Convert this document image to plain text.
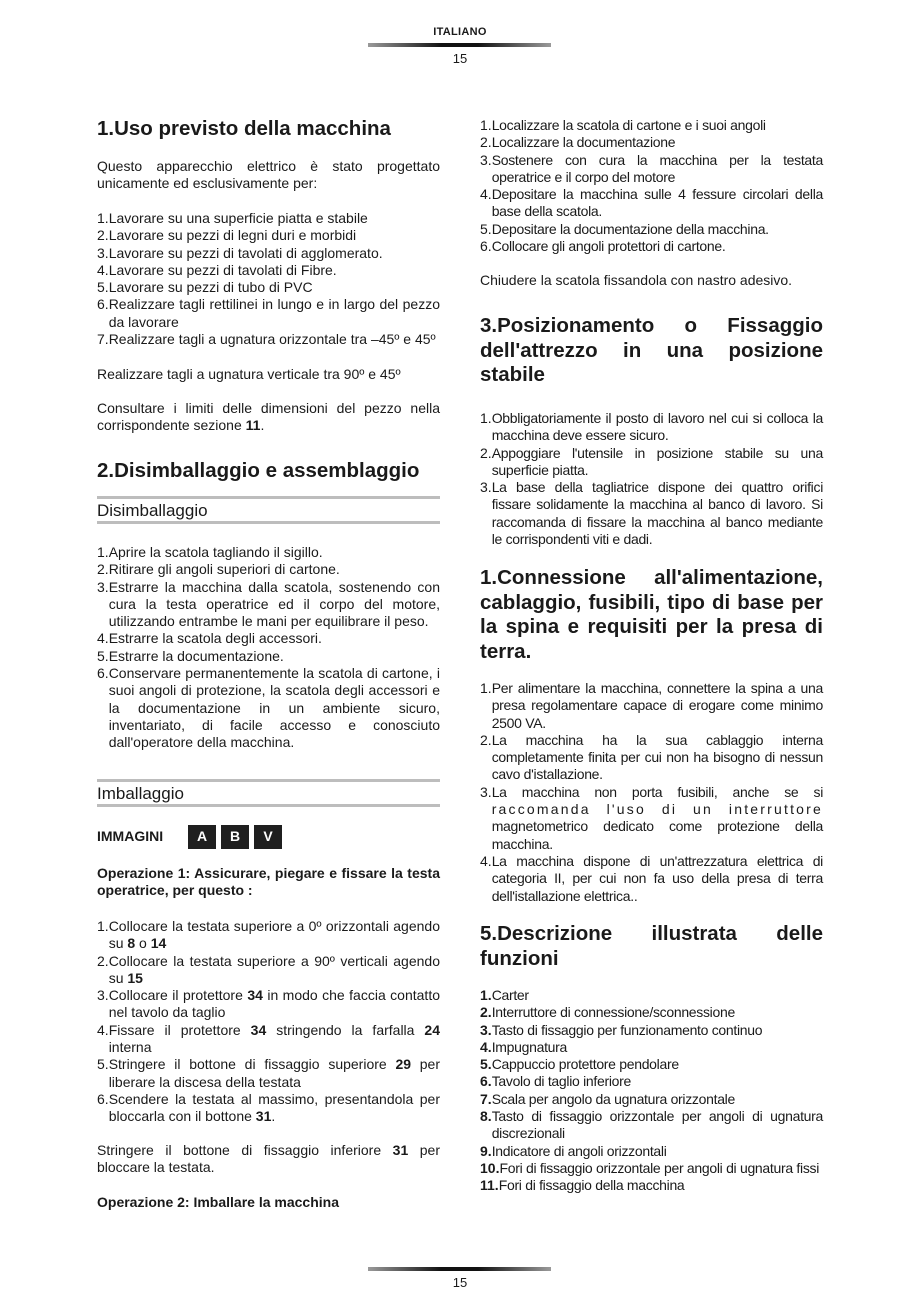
ITALIANO
15

1.Uso previsto della macchina

Questo apparecchio elettrico è stato progettato unicamente ed esclusivamente per:

1. Lavorare su una superficie piatta e stabile
2. Lavorare su pezzi di legni duri e morbidi
3. Lavorare su pezzi di tavolati di agglomerato.
4. Lavorare su pezzi di tavolati di Fibre.
5. Lavorare su pezzi di tubo di PVC
6. Realizzare tagli rettilinei in lungo e in largo del pezzo da lavorare
7. Realizzare tagli a ugnatura orizzontale tra –45º e 45º

Realizzare tagli a ugnatura verticale tra 90º e 45º

Consultare i limiti delle dimensioni del pezzo nella corrispondente sezione 11.

2.Disimballaggio e assemblaggio

Disimballaggio
1. Aprire la scatola tagliando il sigillo.
2. Ritirare gli angoli superiori di cartone.
3. Estrarre la macchina dalla scatola, sostenendo con cura la testa operatrice ed il corpo del motore, utilizzando entrambe le mani per equilibrare il peso.
4. Estrarre la scatola degli accessori.
5. Estrarre la documentazione.
6. Conservare permanentemente la scatola di cartone, i suoi angoli di protezione, la scatola degli accessori e la documentazione in un ambiente sicuro, inventariato, di facile accesso e conosciuto dall'operatore della macchina.
Imballaggio
IMMAGINI	A	B	V

Operazione 1: Assicurare, piegare e fissare la testa operatrice, per questo :

1. Collocare la testata superiore a 0º orizzontali agendo su 8 o 14
2. Collocare la testata superiore a 90º verticali agendo su 15
3. Collocare il protettore 34 in modo che faccia contatto nel tavolo da taglio
4. Fissare il protettore 34 stringendo la farfalla 24 interna
5. Stringere il bottone di fissaggio superiore 29 per liberare la discesa della testata
6. Scendere la testata al massimo, presentandola per bloccarla con il bottone 31.

Stringere il bottone di fissaggio inferiore 31 per bloccare la testata.

Operazione 2: Imballare la macchina

1. Localizzare la scatola di cartone e i suoi angoli
2. Localizzare la documentazione
3. Sostenere con cura la macchina per la testata operatrice e il corpo del motore
4. Depositare la macchina sulle 4 fessure circolari della base della scatola.
5. Depositare la documentazione della macchina.
6. Collocare gli angoli protettori di cartone.

Chiudere la scatola fissandola con nastro adesivo.

3.Posizionamento o Fissaggio dell'attrezzo in una posizione stabile

1. Obbligatoriamente il posto di lavoro nel cui si colloca la macchina deve essere sicuro.
2. Appoggiare l'utensile in posizione stabile su una superficie piatta.
3. La base della tagliatrice dispone dei quattro orifici fissare solidamente la macchina al banco di lavoro. Si raccomanda di fissare la macchina al banco mediante le corrispondenti viti e dadi.

1.Connessione all'alimentazione, cablaggio, fusibili, tipo di base per la spina e requisiti per la presa di terra.

1. Per alimentare la macchina, connettere la spina a una presa regolamentare capace di erogare come minimo 2500 VA.
2. La macchina ha la sua cablaggio interna completamente finita per cui non ha bisogno di nessun cavo d'istallazione.
3. La macchina non porta fusibili, anche se si raccomanda l'uso di un interruttore magnetometrico dedicato come protezione della macchina.
4. La macchina dispone di un'attrezzatura elettrica di categoria II, per cui non fa uso della presa di terra dell'istallazione elettrica..

5.Descrizione illustrata delle funzioni

1. Carter
2. Interruttore di connessione/sconnessione
3. Tasto di fissaggio per funzionamento continuo
4. Impugnatura
5. Cappuccio protettore pendolare
6. Tavolo di taglio inferiore
7. Scala per angolo da ugnatura orizzontale
8. Tasto di fissaggio orizzontale per angoli di ugnatura discrezionali
9. Indicatore di angoli orizzontali
10. Fori di fissaggio orizzontale per angoli di ugnatura fissi
11. Fori di fissaggio della macchina
15
